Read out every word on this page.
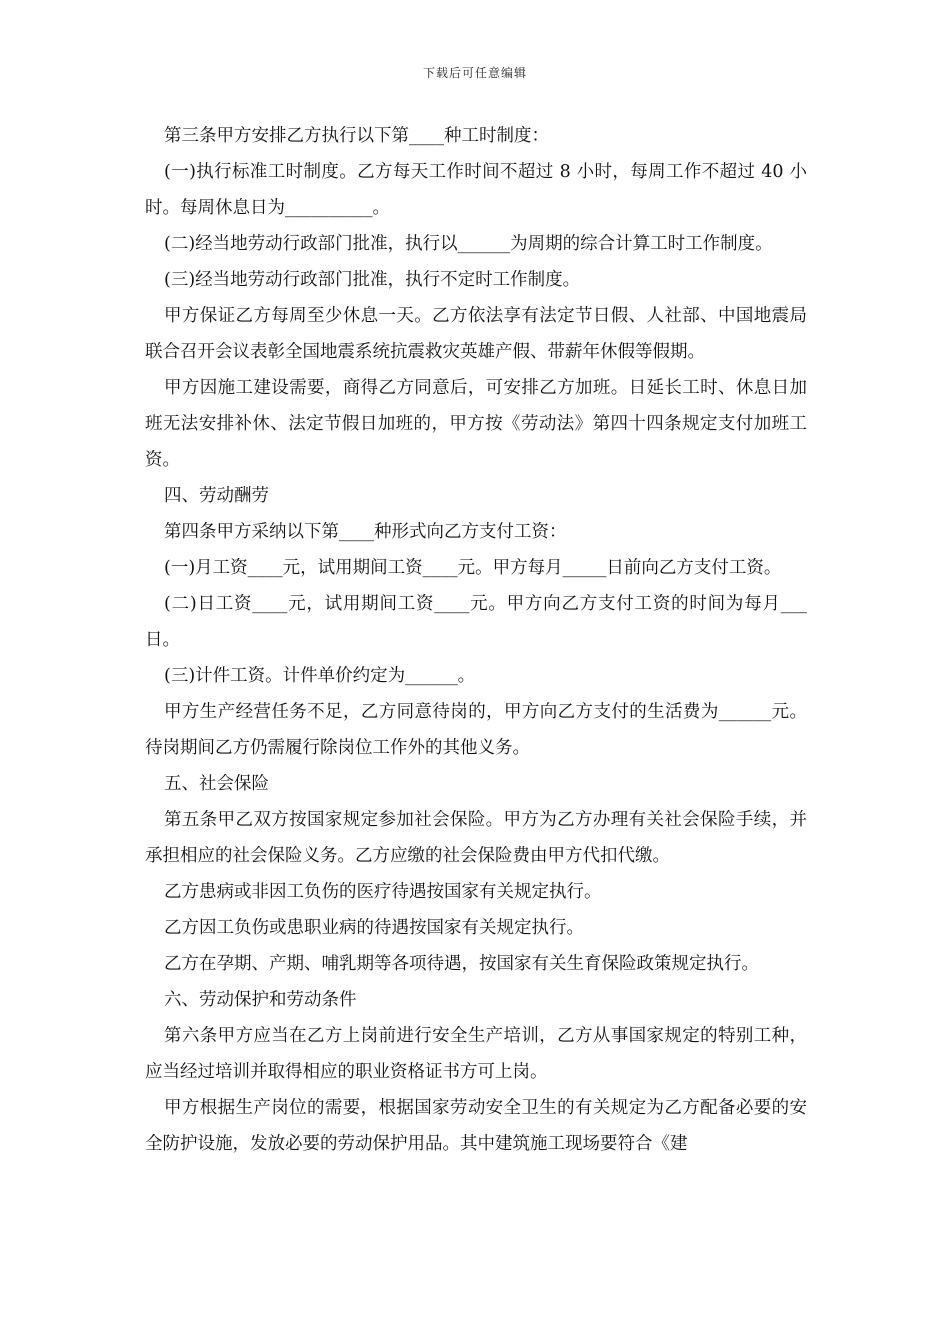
下载后可任意编辑

第三条甲方安排乙方执行以下第____种工时制度：

(一)执行标准工时制度。乙方每天工作时间不超过 8 小时，每周工作不超过 40 小时。每周休息日为__________。

(二)经当地劳动行政部门批准，执行以______为周期的综合计算工时工作制度。

(三)经当地劳动行政部门批准，执行不定时工作制度。

甲方保证乙方每周至少休息一天。乙方依法享有法定节日假、人社部、中国地震局联合召开会议表彰全国地震系统抗震救灾英雄产假、带薪年休假等假期。

甲方因施工建设需要，商得乙方同意后，可安排乙方加班。日延长工时、休息日加班无法安排补休、法定节假日加班的，甲方按《劳动法》第四十四条规定支付加班工资。

四、劳动酬劳

第四条甲方采纳以下第____种形式向乙方支付工资：

(一)月工资____元，试用期间工资____元。甲方每月_____日前向乙方支付工资。

(二)日工资____元，试用期间工资____元。甲方向乙方支付工资的时间为每月___日。

(三)计件工资。计件单价约定为______。

甲方生产经营任务不足，乙方同意待岗的，甲方向乙方支付的生活费为______元。待岗期间乙方仍需履行除岗位工作外的其他义务。

五、社会保险

第五条甲乙双方按国家规定参加社会保险。甲方为乙方办理有关社会保险手续，并承担相应的社会保险义务。乙方应缴的社会保险费由甲方代扣代缴。

乙方患病或非因工负伤的医疗待遇按国家有关规定执行。

乙方因工负伤或患职业病的待遇按国家有关规定执行。

乙方在孕期、产期、哺乳期等各项待遇，按国家有关生育保险政策规定执行。

六、劳动保护和劳动条件

第六条甲方应当在乙方上岗前进行安全生产培训，乙方从事国家规定的特别工种，应当经过培训并取得相应的职业资格证书方可上岗。

甲方根据生产岗位的需要，根据国家劳动安全卫生的有关规定为乙方配备必要的安全防护设施，发放必要的劳动保护用品。其中建筑施工现场要符合《建
